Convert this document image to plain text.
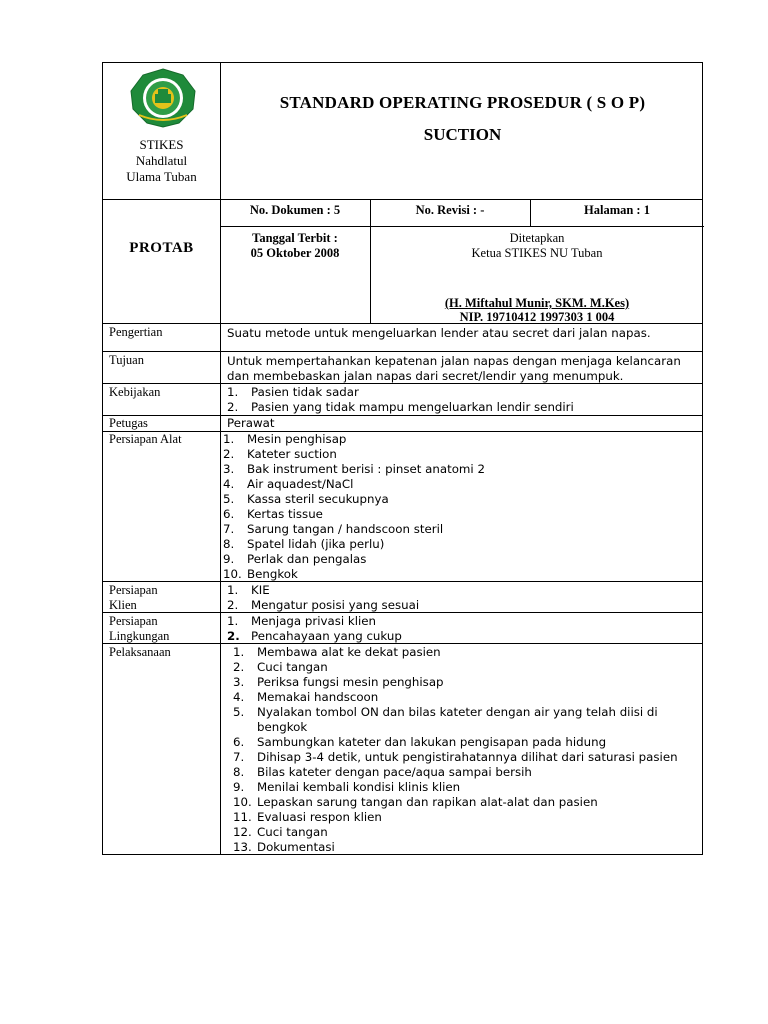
STIKES
Nahdlatul
Ulama Tuban
STANDARD OPERATING PROSEDUR ( S O P)
SUCTION
PROTAB
No. Dokumen : 5	No. Revisi : -	Halaman : 1
Tanggal Terbit :
05 Oktober 2008
Ditetapkan
Ketua STIKES NU Tuban
(H. Miftahul Munir, SKM. M.Kes)
NIP. 19710412 1997303 1 004
Pengertian	Suatu metode untuk mengeluarkan lender atau secret dari jalan napas.
Tujuan	Untuk mempertahankan kepatenan jalan napas dengan menjaga kelancaran dan membebaskan jalan napas dari secret/lendir yang menumpuk.
Kebijakan	1.	Pasien tidak sadar
2.	Pasien yang tidak mampu mengeluarkan lendir sendiri
Petugas	Perawat
Persiapan Alat	1.	Mesin penghisap
2.	Kateter suction
3.	Bak instrument berisi : pinset anatomi 2
4.	Air aquadest/NaCl
5.	Kassa steril secukupnya
6.	Kertas tissue
7.	Sarung tangan / handscoon steril
8.	Spatel lidah (jika perlu)
9.	Perlak dan pengalas
10. Bengkok
Persiapan
Klien
1.	KIE
2.	Mengatur posisi yang sesuai
Persiapan
Lingkungan
1.	Menjaga privasi klien
2. Pencahayaan yang cukup
Pelaksanaan	1.	Membawa alat ke dekat pasien
2.	Cuci tangan
3.	Periksa fungsi mesin penghisap
4.	Memakai handscoon
5.	Nyalakan tombol ON dan bilas kateter dengan air yang telah diisi di bengkok
6.	Sambungkan kateter dan lakukan pengisapan pada hidung
7.	Dihisap 3-4 detik, untuk pengistirahatannya dilihat dari saturasi pasien
8.	Bilas kateter dengan pace/aqua sampai bersih
9.	Menilai kembali kondisi klinis klien
10. Lepaskan sarung tangan dan rapikan alat-alat dan pasien
11. Evaluasi respon klien
12. Cuci tangan
13. Dokumentasi
